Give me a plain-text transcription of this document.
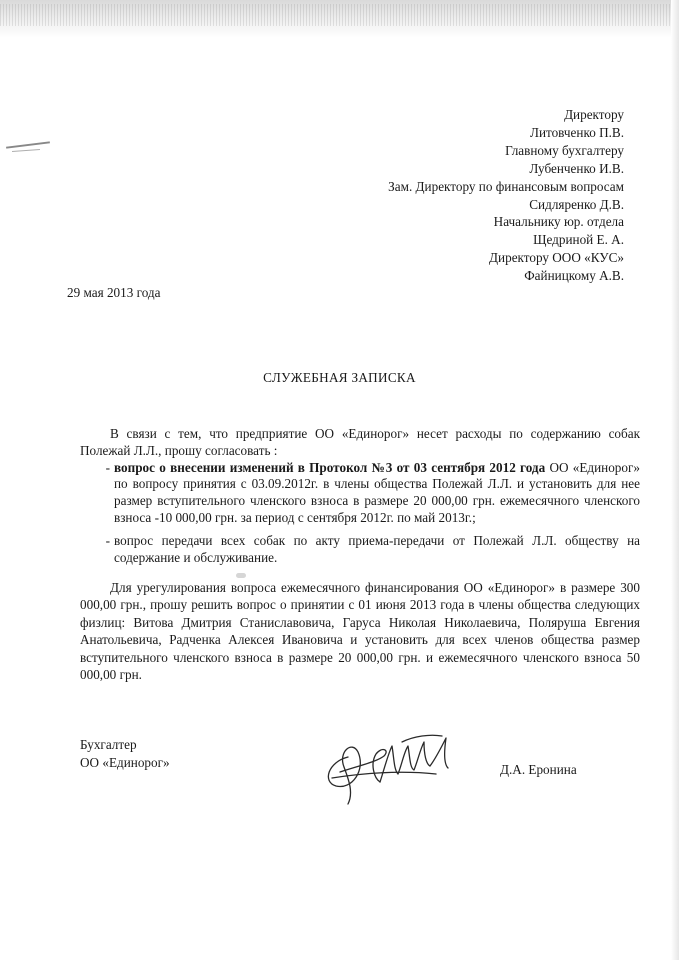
Директору
Литовченко П.В.
Главному бухгалтеру
Лубенченко И.В.
Зам. Директору по финансовым вопросам
Сидляренко Д.В.
Начальнику юр. отдела
Щедриной Е. А.
Директору ООО «КУС»
Файницкому А.В.
29 мая 2013 года
СЛУЖЕБНАЯ ЗАПИСКА

В связи с тем, что предприятие ОО «Единорог» несет расходы по содержанию собак Полежай Л.Л., прошу согласовать :

- вопрос о внесении изменений в Протокол №3 от 03 сентября 2012 года ОО «Единорог» по вопросу принятия с 03.09.2012г. в члены общества Полежай Л.Л. и установить для нее размер вступительного членского взноса в размере 20 000,00 грн. ежемесячного членского взноса -10 000,00 грн. за период с сентября 2012г. по май 2013г.;
- вопрос передачи всех собак по акту приема-передачи от Полежай Л.Л. обществу на содержание и обслуживание.

Для урегулирования вопроса ежемесячного финансирования ОО «Единорог» в размере 300 000,00 грн., прошу решить вопрос о принятии с 01 июня 2013 года в члены общества следующих физлиц: Витова Дмитрия Станиславовича, Гаруса Николая Николаевича, Поляруша Евгения Анатольевича, Радченка Алексея Ивановича и установить для всех членов общества размер вступительного членского взноса в размере 20 000,00 грн. и ежемесячного членского взноса 50 000,00 грн.

Бухгалтер
ОО «Единорог»	Д.А. Еронина
